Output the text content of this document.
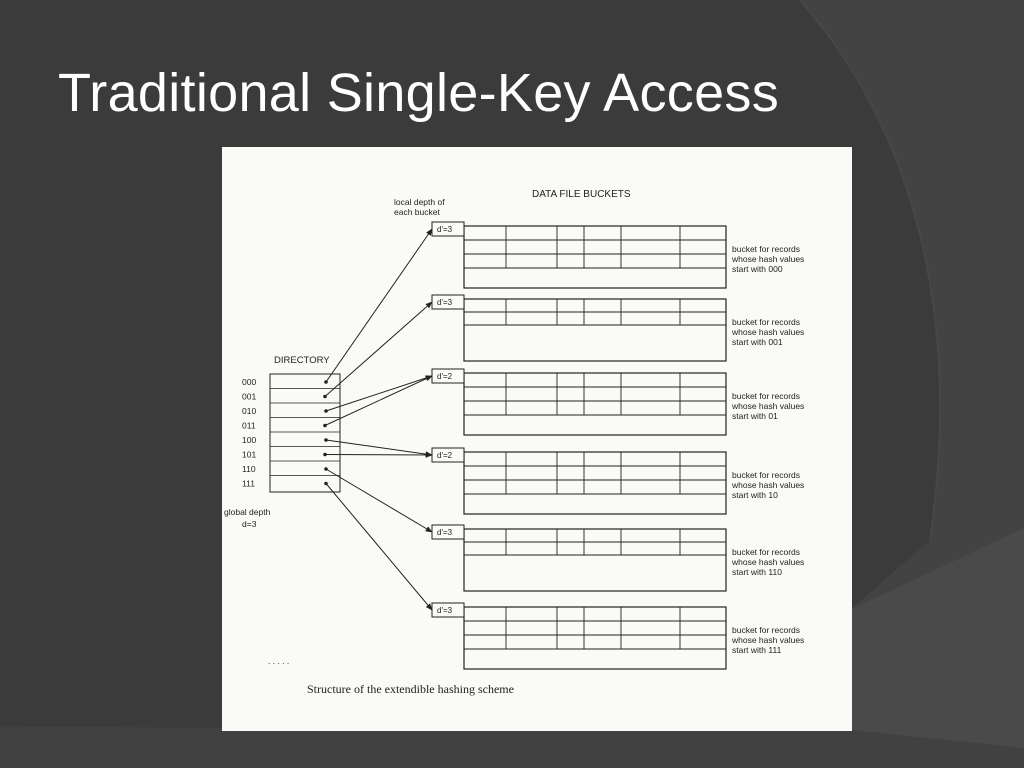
Traditional Single-Key Access
DATA FILE BUCKETS
local depth of
each bucket
DIRECTORY
000
001
010
011
100
101
110
111
global depth
d=3
d'=3
bucket for records
whose hash values
start with 000
d'=3
bucket for records
whose hash values
start with 001
d'=2
bucket for records
whose hash values
start with 01
d'=2
bucket for records
whose hash values
start with 10
d'=3
bucket for records
whose hash values
start with 110
d'=3
bucket for records
whose hash values
start with 111
. . . . .
Structure of the extendible hashing scheme
